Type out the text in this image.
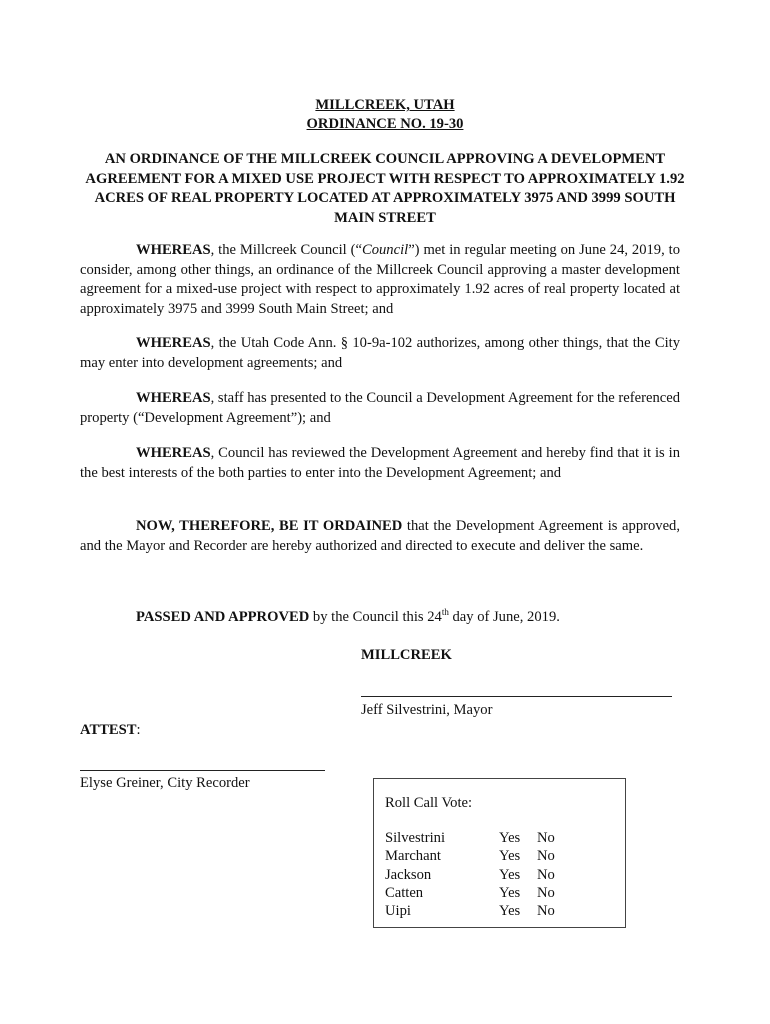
MILLCREEK, UTAH
ORDINANCE NO. 19-30
AN ORDINANCE OF THE MILLCREEK COUNCIL APPROVING A DEVELOPMENT AGREEMENT FOR A MIXED USE PROJECT WITH RESPECT TO APPROXIMATELY 1.92 ACRES OF REAL PROPERTY LOCATED AT APPROXIMATELY 3975 AND 3999 SOUTH MAIN STREET
WHEREAS, the Millcreek Council (“Council”) met in regular meeting on June 24, 2019, to consider, among other things, an ordinance of the Millcreek Council approving a master development agreement for a mixed-use project with respect to approximately 1.92 acres of real property located at approximately 3975 and 3999 South Main Street; and
WHEREAS, the Utah Code Ann. § 10-9a-102 authorizes, among other things, that the City may enter into development agreements; and
WHEREAS, staff has presented to the Council a Development Agreement for the referenced property (“Development Agreement”); and
WHEREAS, Council has reviewed the Development Agreement and hereby find that it is in the best interests of the both parties to enter into the Development Agreement; and
NOW, THEREFORE, BE IT ORDAINED that the Development Agreement is approved, and the Mayor and Recorder are hereby authorized and directed to execute and deliver the same.
PASSED AND APPROVED by the Council this 24th day of June, 2019.
MILLCREEK
Jeff Silvestrini, Mayor
ATTEST:
Elyse Greiner, City Recorder
Roll Call Vote:
Silvestrini	Yes No
Marchant	Yes No
Jackson	Yes No
Catten	Yes No
Uipi	Yes No
